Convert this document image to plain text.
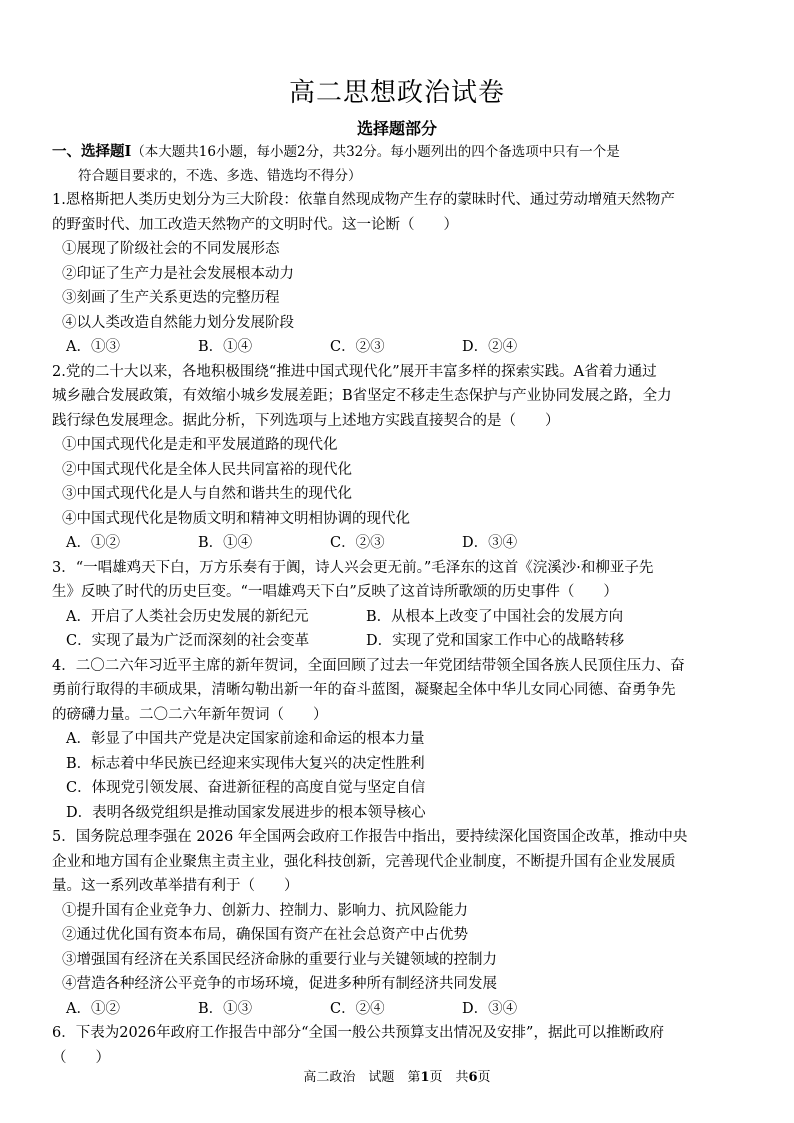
高二思想政治试卷
选择题部分
一、选择题Ⅰ（本大题共16小题，每小题2分，共32分。每小题列出的四个备选项中只有一个是
符合题目要求的，不选、多选、错选均不得分）
1.恩格斯把人类历史划分为三大阶段：依靠自然现成物产生存的蒙昧时代、通过劳动增殖天然物产
的野蛮时代、加工改造天然物产的文明时代。这一论断（　　）
①展现了阶级社会的不同发展形态
②印证了生产力是社会发展根本动力
③刻画了生产关系更迭的完整历程
④以人类改造自然能力划分发展阶段
A．①③	B．①④	C．②③	D．②④
2.党的二十大以来，各地积极围绕“推进中国式现代化”展开丰富多样的探索实践。A省着力通过
城乡融合发展政策，有效缩小城乡发展差距；B省坚定不移走生态保护与产业协同发展之路，全力
践行绿色发展理念。据此分析，下列选项与上述地方实践直接契合的是（　　）
①中国式现代化是走和平发展道路的现代化
②中国式现代化是全体人民共同富裕的现代化
③中国式现代化是人与自然和谐共生的现代化
④中国式现代化是物质文明和精神文明相协调的现代化
A．①②	B．①④	C．②③	D．③④
3．“一唱雄鸡天下白，万方乐奏有于阗，诗人兴会更无前。”毛泽东的这首《浣溪沙·和柳亚子先
生》反映了时代的历史巨变。“一唱雄鸡天下白”反映了这首诗所歌颂的历史事件（　　）
A．开启了人类社会历史发展的新纪元	B．从根本上改变了中国社会的发展方向
C．实现了最为广泛而深刻的社会变革	D．实现了党和国家工作中心的战略转移
4．二〇二六年习近平主席的新年贺词，全面回顾了过去一年党团结带领全国各族人民顶住压力、奋
勇前行取得的丰硕成果，清晰勾勒出新一年的奋斗蓝图，凝聚起全体中华儿女同心同德、奋勇争先
的磅礴力量。二〇二六年新年贺词（　　）
A．彰显了中国共产党是决定国家前途和命运的根本力量
B．标志着中华民族已经迎来实现伟大复兴的决定性胜利
C．体现党引领发展、奋进新征程的高度自觉与坚定自信
D．表明各级党组织是推动国家发展进步的根本领导核心
5．国务院总理李强在 2026 年全国两会政府工作报告中指出，要持续深化国资国企改革，推动中央
企业和地方国有企业聚焦主责主业，强化科技创新，完善现代企业制度，不断提升国有企业发展质
量。这一系列改革举措有利于（　　）
①提升国有企业竞争力、创新力、控制力、影响力、抗风险能力
②通过优化国有资本布局，确保国有资产在社会总资产中占优势
③增强国有经济在关系国民经济命脉的重要行业与关键领域的控制力
④营造各种经济公平竞争的市场环境，促进多种所有制经济共同发展
A．①②	B．①③	C．②④	D．③④
6．下表为2026年政府工作报告中部分“全国一般公共预算支出情况及安排”，据此可以推断政府
（　　）
高二政治　试题　第1页　共6页
